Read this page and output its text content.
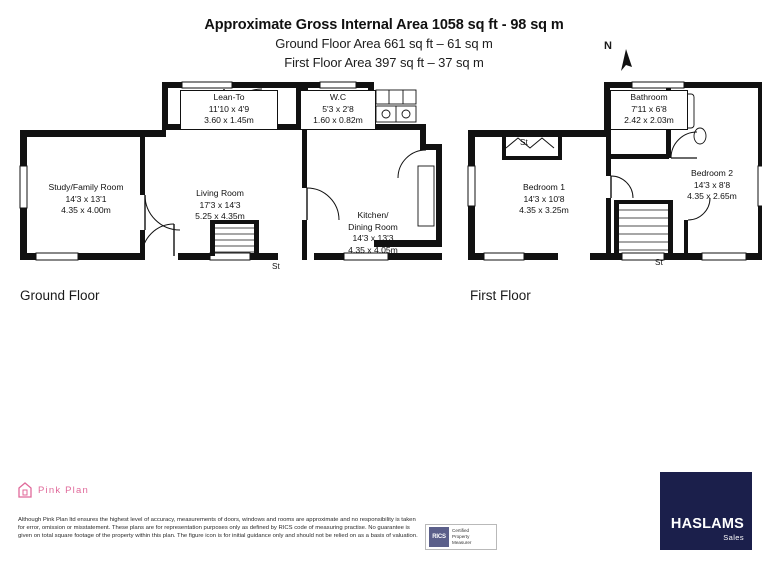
Approximate Gross Internal Area 1058 sq ft - 98 sq m
Ground Floor Area 661 sq ft – 61 sq m
First Floor Area 397 sq ft – 37 sq m
N
Ground Floor	First Floor
Study/Family Room
14'3 x 13'1
4.35 x 4.00m
Living Room
17'3 x 14'3
5.25 x 4.35m	Kitchen/
Dining Room
14'3 x 13'3
4.35 x 4.05m
Lean-To
11'10 x 4'9
3.60 x 1.45m
W.C
5'3 x 2'8
1.60 x 0.82m
St
Bedroom 1
14'3 x 10'8
4.35 x 3.25m
Bedroom 2
14'3 x 8'8
4.35 x 2.65m
Bathroom
7'11 x 6'8
2.42 x 2.03m
St
St
Pink Plan
Although Pink Plan ltd ensures the highest level of accuracy, measurements of doors, windows and rooms are approximate and no responsibility is taken for error, omission or misstatement. These plans are for representation purposes only as defined by RICS code of measuring practise. No guarantee is given on total square footage of the property within this plan. The figure icon is for initial guidance only and should not be relied on as a basis of valuation.	RICS
Certified
Property
Measurer
HASLAMS
Sales
